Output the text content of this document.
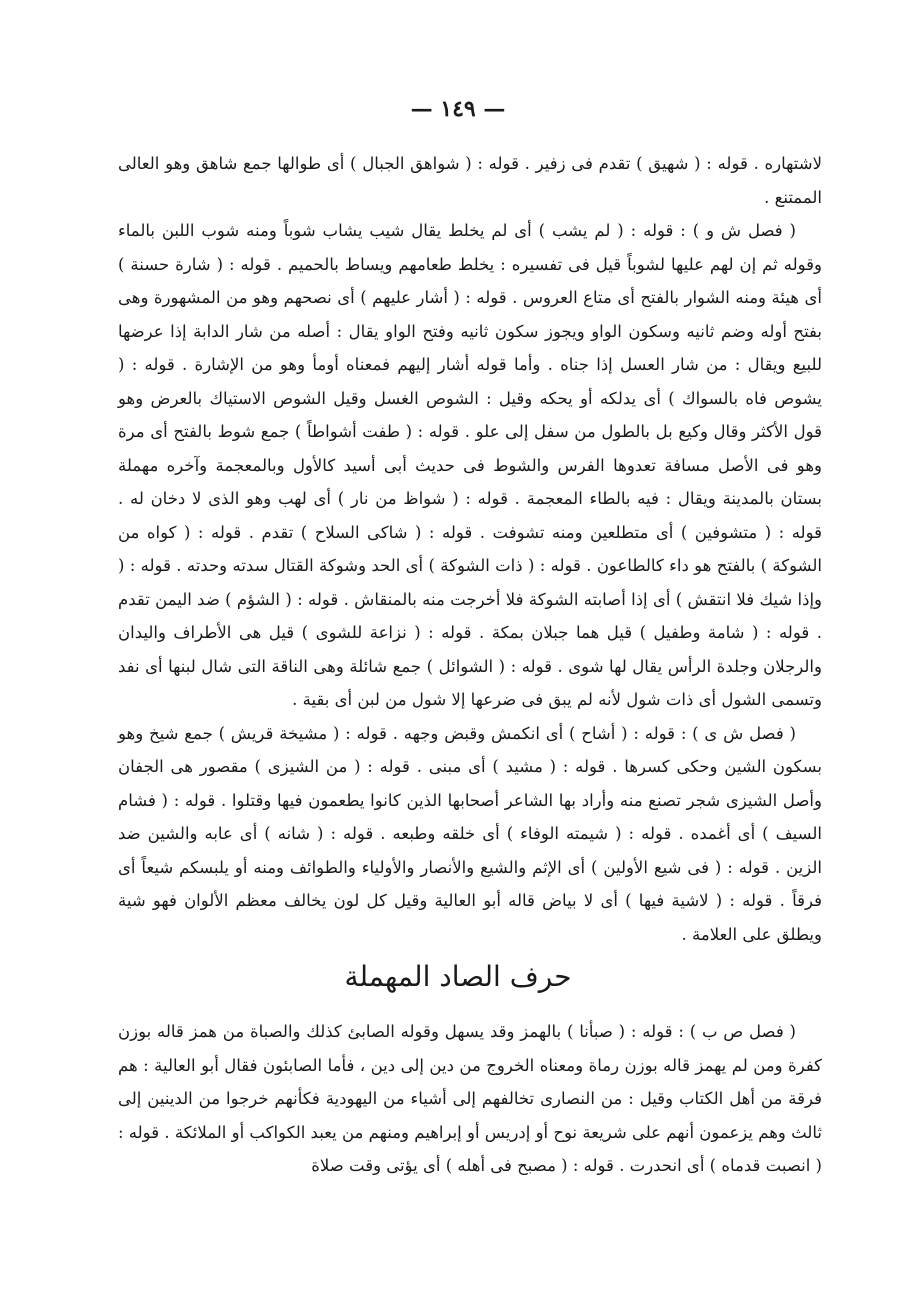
— ١٤٩ —

لاشتهاره . قوله : ( شهيق ) تقدم فى زفير . قوله : ( شواهق الجبال ) أى طوالها جمع شاهق وهو العالى الممتنع .

( فصل ش و ) : قوله : ( لم يشب ) أى لم يخلط يقال شيب يشاب شوباً ومنه شوب اللبن بالماء وقوله ثم إن لهم عليها لشوباً قيل فى تفسيره : يخلط طعامهم ويساط بالحميم . قوله : ( شارة حسنة ) أى هيئة ومنه الشوار بالفتح أى متاع العروس . قوله : ( أشار عليهم ) أى نصحهم وهو من المشهورة وهى بفتح أوله وضم ثانيه وسكون الواو ويجوز سكون ثانيه وفتح الواو يقال : أصله من شار الدابة إذا عرضها للبيع ويقال : من شار العسل إذا جناه . وأما قوله أشار إليهم فمعناه أومأ وهو من الإشارة . قوله : ( يشوص فاه بالسواك ) أى يدلكه أو يحكه وقيل : الشوص الغسل وقيل الشوص الاستياك بالعرض وهو قول الأكثر وقال وكيع بل بالطول من سفل إلى علو . قوله : ( طفت أشواطاً ) جمع شوط بالفتح أى مرة وهو فى الأصل مسافة تعدوها الفرس والشوط فى حديث أبى أسيد كالأول وبالمعجمة وآخره مهملة بستان بالمدينة ويقال : فيه بالطاء المعجمة . قوله : ( شواظ من نار ) أى لهب وهو الذى لا دخان له . قوله : ( متشوفين ) أى متطلعين ومنه تشوفت . قوله : ( شاكى السلاح ) تقدم . قوله : ( كواه من الشوكة ) بالفتح هو داء كالطاعون . قوله : ( ذات الشوكة ) أى الحد وشوكة القتال سدته وحدته . قوله : ( وإذا شيك فلا انتقش ) أى إذا أصابته الشوكة فلا أخرجت منه بالمنقاش . قوله : ( الشؤم ) ضد اليمن تقدم . قوله : ( شامة وطفيل ) قيل هما جبلان بمكة . قوله : ( نزاعة للشوى ) قيل هى الأطراف واليدان والرجلان وجلدة الرأس يقال لها شوى . قوله : ( الشوائل ) جمع شائلة وهى الناقة التى شال لبنها أى نفد وتسمى الشول أى ذات شول لأنه لم يبق فى ضرعها إلا شول من لبن أى بقية .

( فصل ش ى ) : قوله : ( أشاح ) أى انكمش وقبض وجهه . قوله : ( مشيخة قريش ) جمع شيخ وهو بسكون الشين وحكى كسرها . قوله : ( مشيد ) أى مبنى . قوله : ( من الشيزى ) مقصور هى الجفان وأصل الشيزى شجر تصنع منه وأراد بها الشاعر أصحابها الذين كانوا يطعمون فيها وقتلوا . قوله : ( فشام السيف ) أى أغمده . قوله : ( شيمته الوفاء ) أى خلقه وطبعه . قوله : ( شانه ) أى عابه والشين ضد الزين . قوله : ( فى شيع الأولين ) أى الإثم والشيع والأنصار والأولياء والطوائف ومنه أو يلبسكم شيعاً أى فرقاً . قوله : ( لاشية فيها ) أى لا بياض قاله أبو العالية وقيل كل لون يخالف معظم الألوان فهو شية ويطلق على العلامة .

حرف الصاد المهملة

( فصل ص ب ) : قوله : ( صبأنا ) بالهمز وقد يسهل وقوله الصابئ كذلك والصباة من همز قاله بوزن كفرة ومن لم يهمز قاله بوزن رماة ومعناه الخروج من دين إلى دين ، فأما الصابئون فقال أبو العالية : هم فرقة من أهل الكتاب وقيل : من النصارى تخالفهم إلى أشياء من اليهودية فكأنهم خرجوا من الدينين إلى ثالث وهم يزعمون أنهم على شريعة نوح أو إدريس أو إبراهيم ومنهم من يعبد الكواكب أو الملائكة . قوله : ( انصبت قدماه ) أى انحدرت . قوله : ( مصبح فى أهله ) أى يؤتى وقت صلاة
